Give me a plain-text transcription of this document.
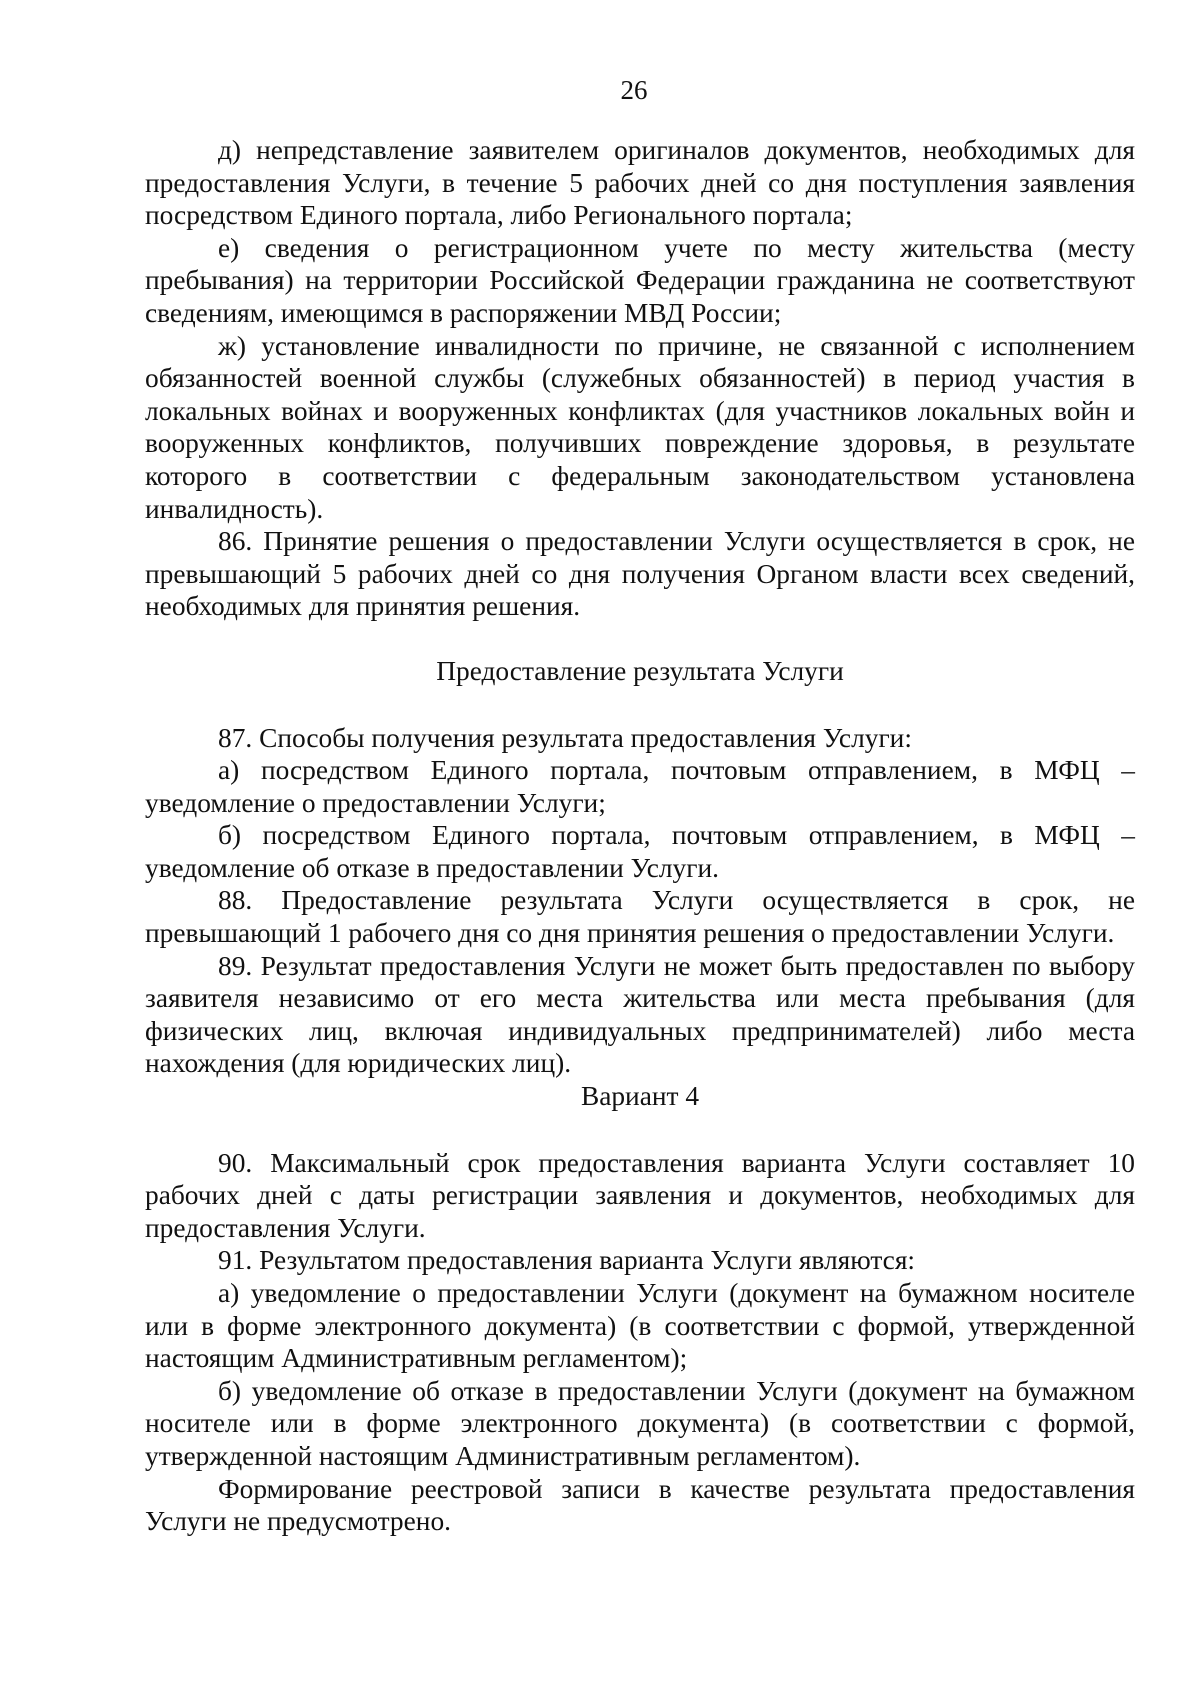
26

д) непредставление заявителем оригиналов документов, необходимых для предоставления Услуги, в течение 5 рабочих дней со дня поступления заявления посредством Единого портала, либо Регионального портала;

е) сведения о регистрационном учете по месту жительства (месту пребывания) на территории Российской Федерации гражданина не соответствуют сведениям, имеющимся в распоряжении МВД России;

ж) установление инвалидности по причине, не связанной с исполнением обязанностей военной службы (служебных обязанностей) в период участия в локальных войнах и вооруженных конфликтах (для участников локальных войн и вооруженных конфликтов, получивших повреждение здоровья, в результате которого в соответствии с федеральным законодательством установлена инвалидность).

86. Принятие решения о предоставлении Услуги осуществляется в срок, не превышающий 5 рабочих дней со дня получения Органом власти всех сведений, необходимых для принятия решения.

Предоставление результата Услуги

87. Способы получения результата предоставления Услуги:

а) посредством Единого портала, почтовым отправлением, в МФЦ – уведомление о предоставлении Услуги;

б) посредством Единого портала, почтовым отправлением, в МФЦ – уведомление об отказе в предоставлении Услуги.

88. Предоставление результата Услуги осуществляется в срок, не превышающий 1 рабочего дня со дня принятия решения о предоставлении Услуги.

89. Результат предоставления Услуги не может быть предоставлен по выбору заявителя независимо от его места жительства или места пребывания (для физических лиц, включая индивидуальных предпринимателей) либо места нахождения (для юридических лиц).

Вариант 4

90. Максимальный срок предоставления варианта Услуги составляет 10 рабочих дней с даты регистрации заявления и документов, необходимых для предоставления Услуги.

91. Результатом предоставления варианта Услуги являются:

а) уведомление о предоставлении Услуги (документ на бумажном носителе или в форме электронного документа) (в соответствии с формой, утвержденной настоящим Административным регламентом);

б) уведомление об отказе в предоставлении Услуги (документ на бумажном носителе или в форме электронного документа) (в соответствии с формой, утвержденной настоящим Административным регламентом).

Формирование реестровой записи в качестве результата предоставления Услуги не предусмотрено.
